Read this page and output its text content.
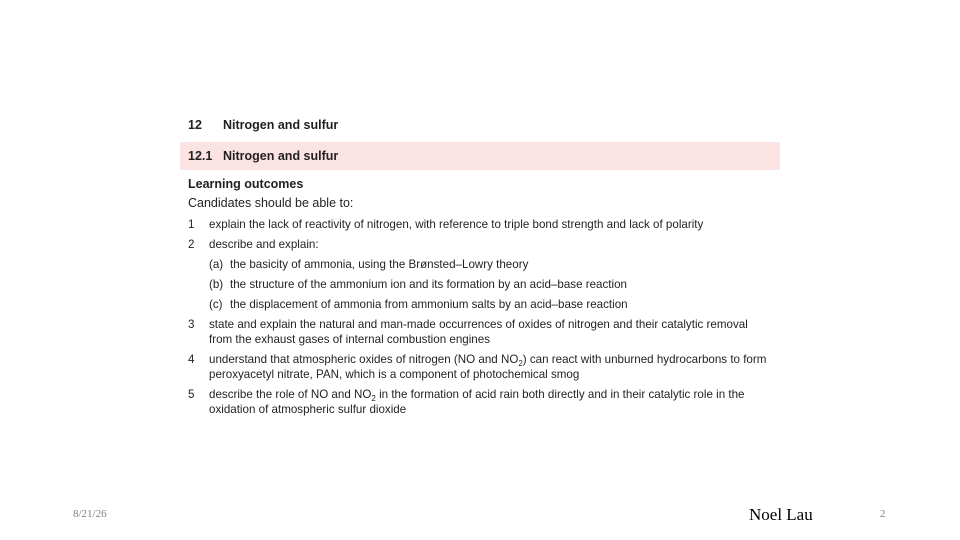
12 Nitrogen and sulfur
12.1 Nitrogen and sulfur
Learning outcomes
Candidates should be able to:
1	explain the lack of reactivity of nitrogen, with reference to triple bond strength and lack of polarity
2	describe and explain:
(a) the basicity of ammonia, using the Brønsted–Lowry theory
(b) the structure of the ammonium ion and its formation by an acid–base reaction
(c) the displacement of ammonia from ammonium salts by an acid–base reaction
3	state and explain the natural and man-made occurrences of oxides of nitrogen and their catalytic removal from the exhaust gases of internal combustion engines
4	understand that atmospheric oxides of nitrogen (NO and $NO_2$) can react with unburned hydrocarbons to form peroxyacetyl nitrate, PAN, which is a component of photochemical smog
5	describe the role of NO and $NO_2$ in the formation of acid rain both directly and in their catalytic role in the oxidation of atmospheric sulfur dioxide
8/21/26	Noel Lau	2
